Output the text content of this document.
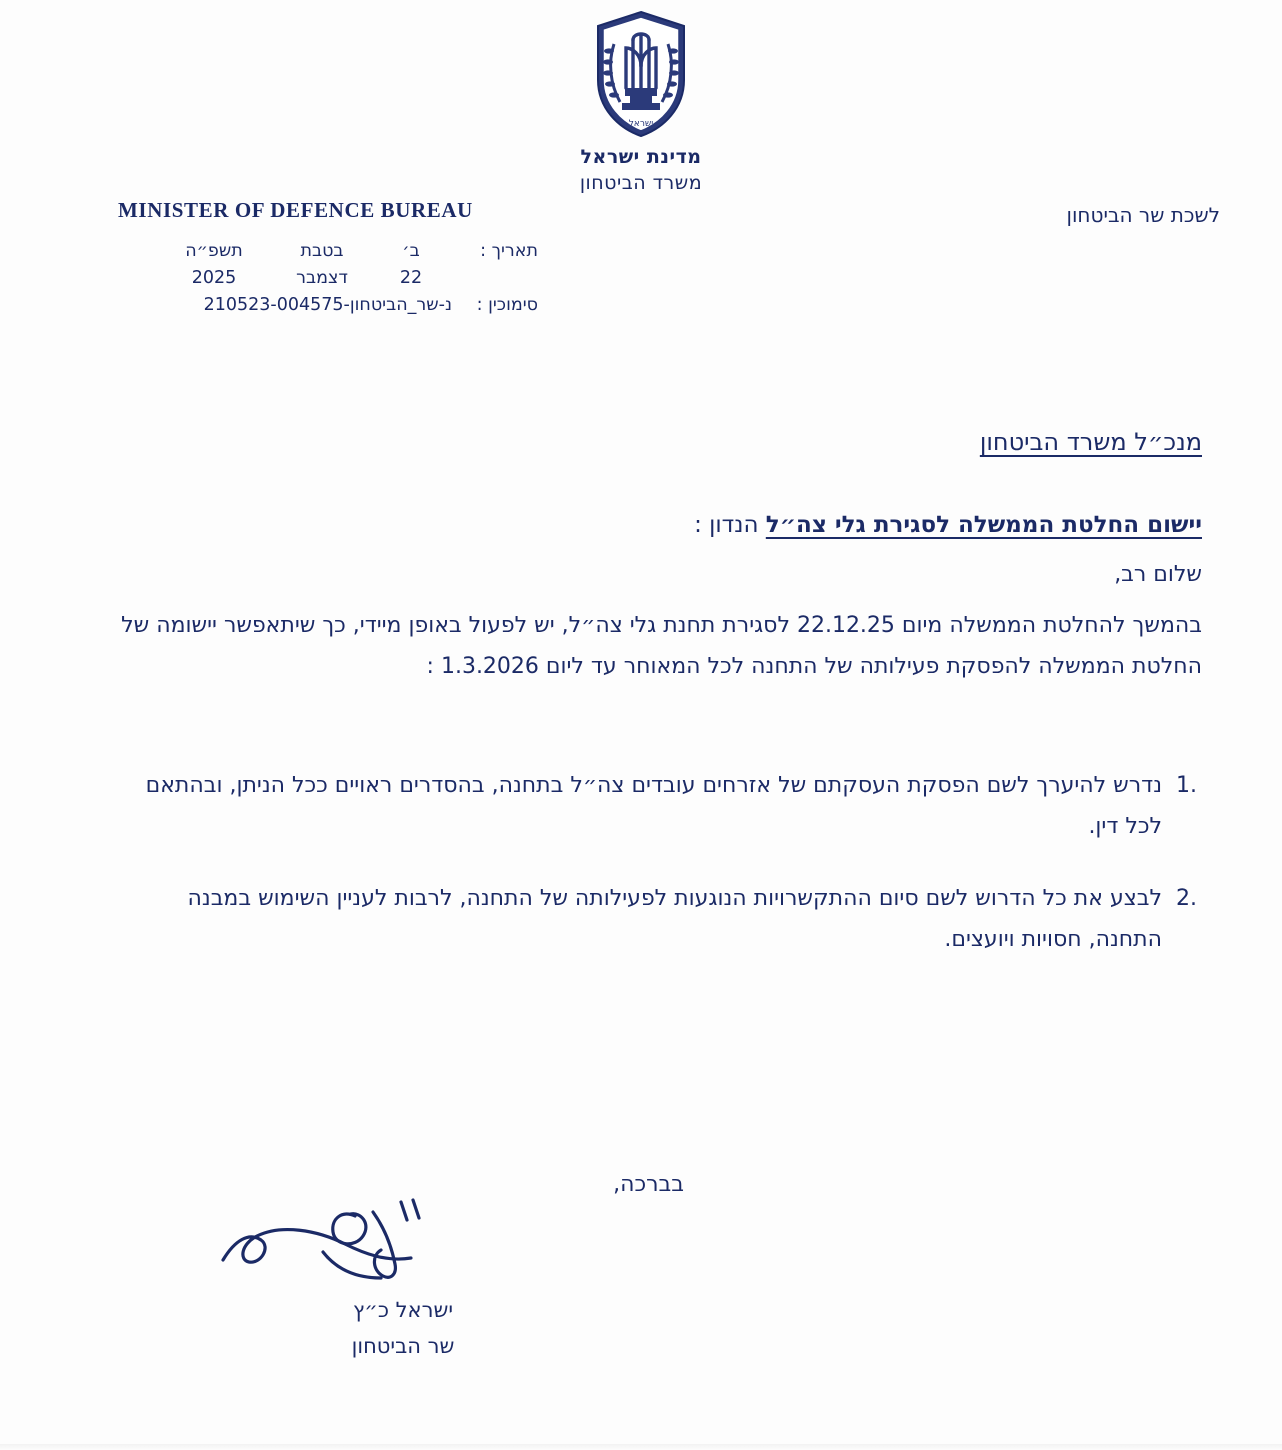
ישראל
מדינת ישראל
משרד הביטחון
MINISTER OF DEFENCE BUREAU	לשכת שר הביטחון
תאריך :
ב׳
בטבת
תשפ״ה
22
דצמבר
2025
סימוכין :
נ-שר_הביטחון-210523-004575
מנכ״ל משרד הביטחון
יישום החלטת הממשלה לסגירת גלי צה״ל הנדון :
שלום רב,
בהמשך להחלטת הממשלה מיום 22.12.25 לסגירת תחנת גלי צה״ל, יש לפעול באופן מיידי, כך שיתאפשר יישומה של החלטת הממשלה להפסקת פעילותה של התחנה לכל המאוחר עד ליום 1.3.2026 :
1.
נדרש להיערך לשם הפסקת העסקתם של אזרחים עובדים צה״ל בתחנה, בהסדרים ראויים ככל הניתן, ובהתאם לכל דין.
2.
לבצע את כל הדרוש לשם סיום ההתקשרויות הנוגעות לפעילותה של התחנה, לרבות לעניין השימוש במבנה התחנה, חסויות ויועצים.
בברכה,
ישראל כ״ץ
שר הביטחון
